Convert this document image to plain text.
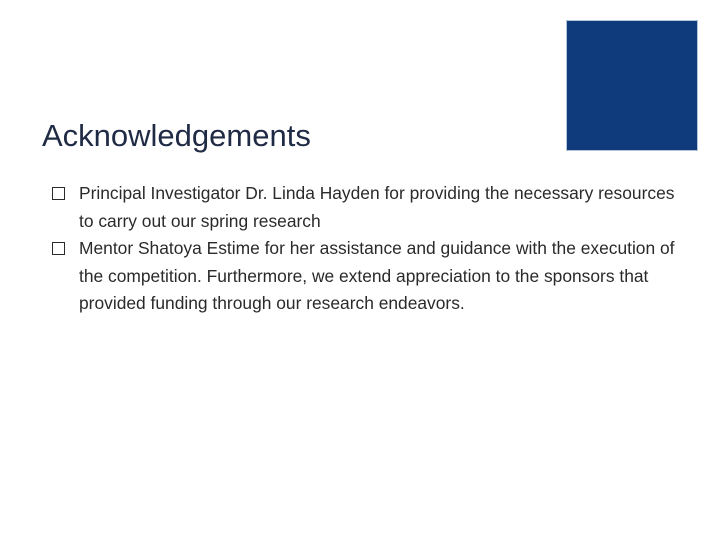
Acknowledgements
Principal Investigator Dr. Linda Hayden for providing the necessary resources to carry out our spring research
Mentor Shatoya Estime for her assistance and guidance with the execution of the competition. Furthermore, we extend appreciation to the sponsors that provided funding through our research endeavors.
